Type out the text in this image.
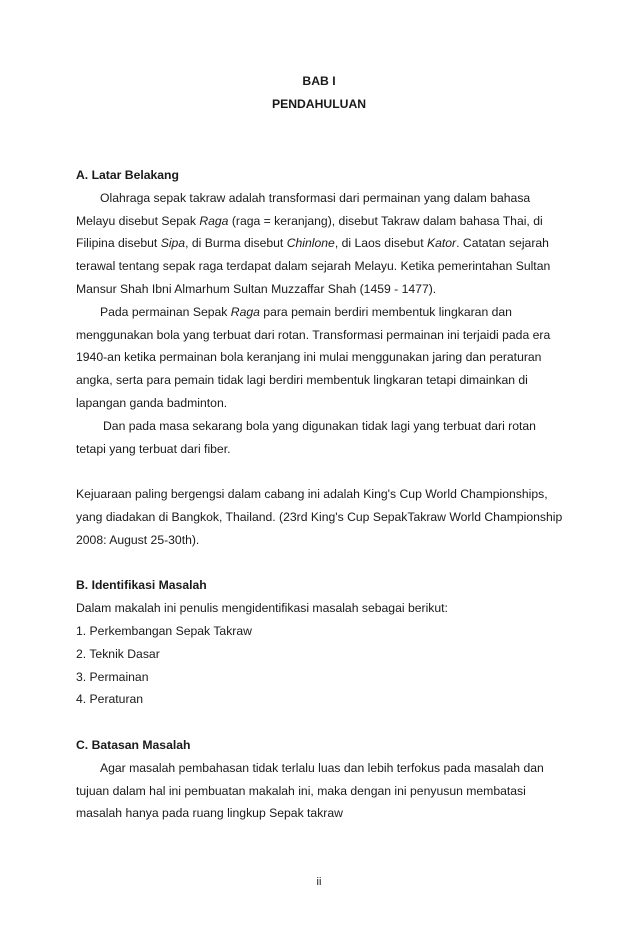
BAB I
PENDAHULUAN

A. Latar Belakang

Olahraga sepak takraw adalah transformasi dari permainan yang dalam bahasa Melayu disebut Sepak Raga (raga = keranjang), disebut Takraw dalam bahasa Thai, di Filipina disebut Sipa, di Burma disebut Chinlone, di Laos disebut Kator. Catatan sejarah terawal tentang sepak raga terdapat dalam sejarah Melayu. Ketika pemerintahan Sultan Mansur Shah Ibni Almarhum Sultan Muzzaffar Shah (1459 - 1477).

Pada permainan Sepak Raga para pemain berdiri membentuk lingkaran dan menggunakan bola yang terbuat dari rotan. Transformasi permainan ini terjaidi pada era 1940-an ketika permainan bola keranjang ini mulai menggunakan jaring dan peraturan angka, serta para pemain tidak lagi berdiri membentuk lingkaran tetapi dimainkan di lapangan ganda badminton.

Dan pada masa sekarang bola yang digunakan tidak lagi yang terbuat dari rotan tetapi yang terbuat dari fiber.

Kejuaraan paling bergengsi dalam cabang ini adalah King's Cup World Championships, yang diadakan di Bangkok, Thailand. (23rd King's Cup SepakTakraw World Championship 2008: August 25-30th).

B. Identifikasi Masalah

Dalam makalah ini penulis mengidentifikasi masalah sebagai berikut:

1. Perkembangan Sepak Takraw

2. Teknik Dasar

3. Permainan

4. Peraturan

C. Batasan Masalah

Agar masalah pembahasan tidak terlalu luas dan lebih terfokus pada masalah dan tujuan dalam hal ini pembuatan makalah ini, maka dengan ini penyusun membatasi masalah hanya pada ruang lingkup Sepak takraw

ii
